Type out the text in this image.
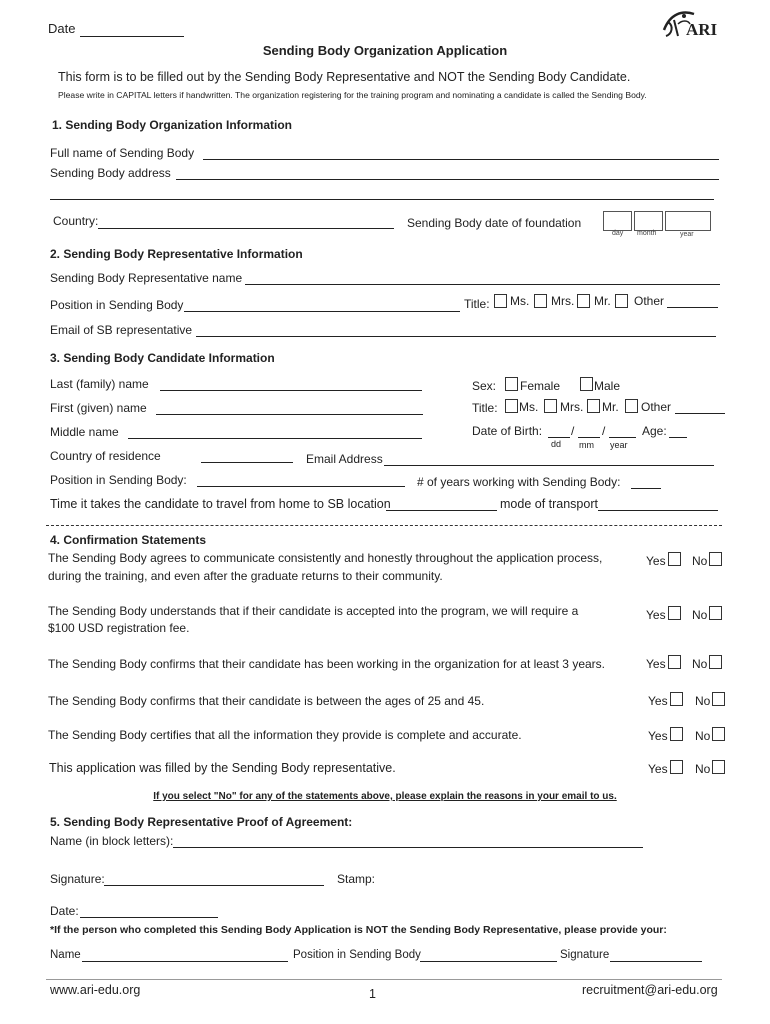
Date	ARI
Sending Body Organization Application
This form is to be filled out by the Sending Body Representative and NOT the Sending Body Candidate.
Please write in CAPITAL letters if handwritten. The organization registering for the training program and nominating a candidate is called the Sending Body.
1. Sending Body Organization Information
Full name of Sending Body
Sending Body address
Country:	Sending Body date of foundation
day month	year
2. Sending Body Representative Information
Sending Body Representative name
Position in Sending Body	Title: Ms. Mrs. Mr. Other
Email of SB representative
3. Sending Body Candidate Information
Last (family) name
First (given) name
Middle name
Country of residence	Email Address
Position in Sending Body:	# of years working with Sending Body:
Sex: Female	Male
Title: Ms. Mrs. Mr. Other
Date of Birth: / /
dd mm year
Age:
Time it takes the candidate to travel from home to SB location	mode of transport
4. Confirmation Statements
The Sending Body agrees to communicate consistently and honestly throughout the application process,
during the training, and even after the graduate returns to their community.
Yes No
The Sending Body understands that if their candidate is accepted into the program, we will require a
$100 USD registration fee.
Yes No
The Sending Body confirms that their candidate has been working in the organization for at least 3 years.	Yes No
The Sending Body confirms that their candidate is between the ages of 25 and 45.	Yes No
The Sending Body certifies that all the information they provide is complete and accurate.	Yes No
This application was filled by the Sending Body representative.	Yes No
If you select "No" for any of the statements above, please explain the reasons in your email to us.
5. Sending Body Representative Proof of Agreement:
Name (in block letters):
Signature:	Stamp:
Date:
*If the person who completed this Sending Body Application is NOT the Sending Body Representative, please provide your:
Name	Position in Sending Body	Signature
www.ari-edu.org	1	recruitment@ari-edu.org
